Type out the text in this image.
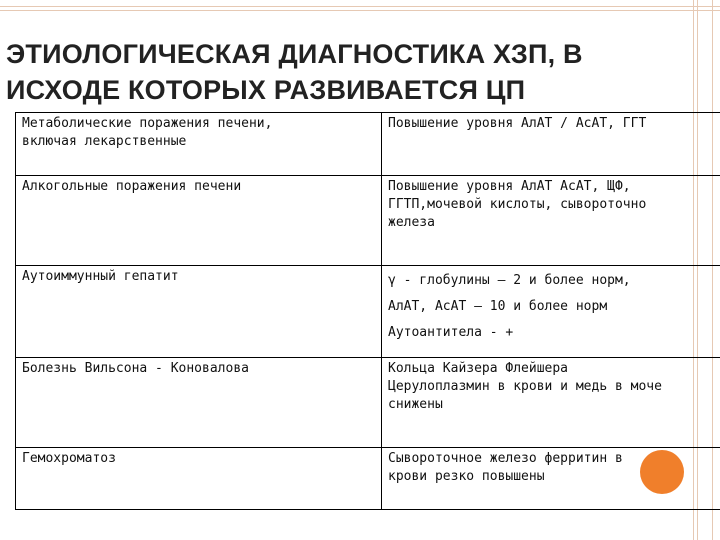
ЭТИОЛОГИЧЕСКАЯ ДИАГНОСТИКА ХЗП, В
ИСХОДЕ КОТОРЫХ РАЗВИВАЕТСЯ ЦП
Метаболические поражения печени,
включая лекарственные	Повышение уровня АлАТ / АсАТ, ГГТ

Алкогольные поражения печени	Повышение уровня АлАТ АсАТ, ЩФ,
ГГТП,мочевой кислоты, сывороточно
железа

Аутоиммунный гепатит	γ - глобулины – 2 и более норм,
АлАТ, АсАТ – 10 и более норм
Аутоантитела - +

Болезнь Вильсона - Коновалова	Кольца Кайзера Флейшера
Церулоплазмин в крови и медь в моче
снижены

Гемохроматоз	Сывороточное железо ферритин в
крови резко повышены
